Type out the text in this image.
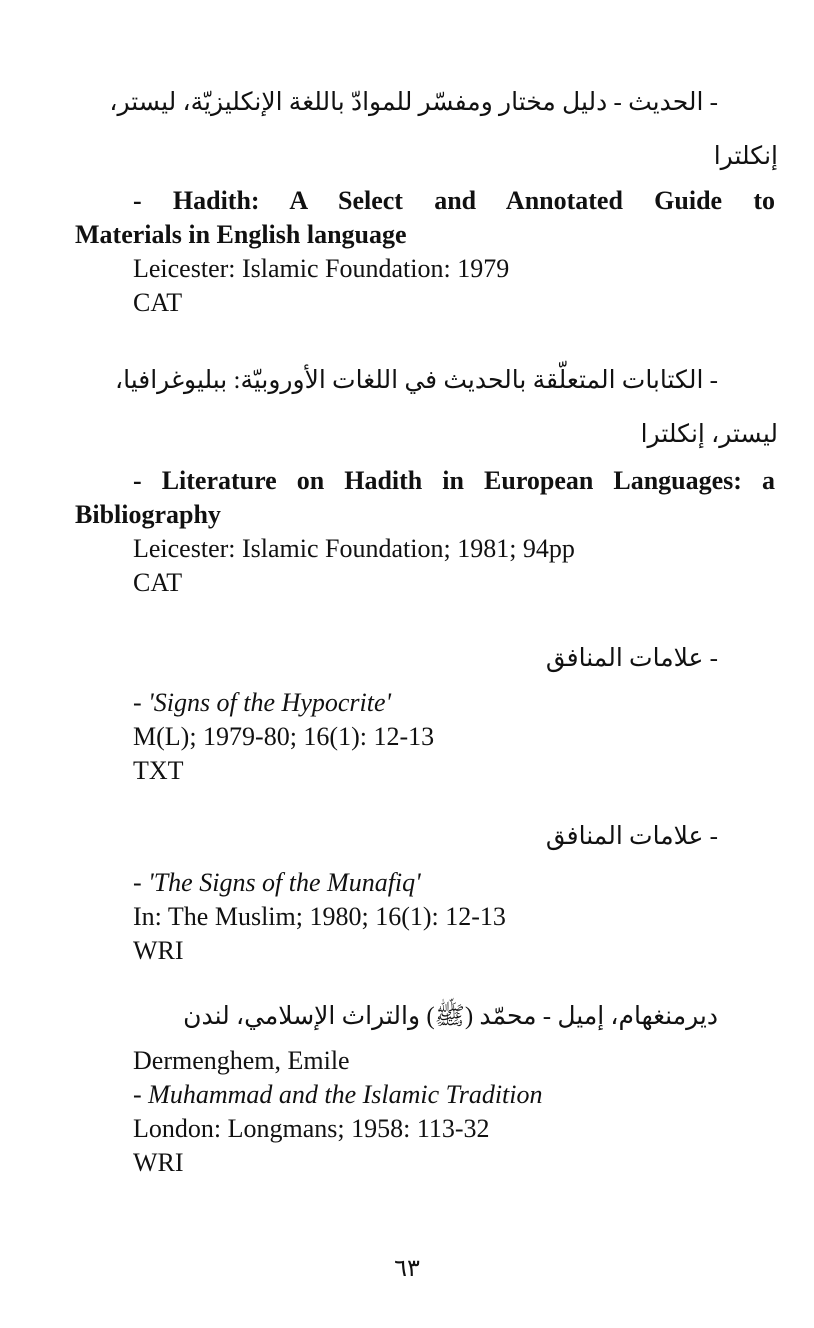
- الحديث - دليل مختار ومفسّر للموادّ باللغة الإنكليزيّة، ليستر،
إنكلترا
- Hadith: A Select and Annotated Guide to
Materials in English language
Leicester: Islamic Foundation: 1979
CAT
- الكتابات المتعلّقة بالحديث في اللغات الأوروبيّة: ببليوغرافيا،
ليستر، إنكلترا
- Literature on Hadith in European Languages: a
Bibliography
Leicester: Islamic Foundation; 1981; 94pp
CAT
- علامات المنافق
- 'Signs of the Hypocrite'
M(L); 1979-80; 16(1): 12-13
TXT
- علامات المنافق
- 'The Signs of the Munafiq'
In: The Muslim; 1980; 16(1): 12-13
WRI
ديرمنغهام، إميل - محمّد (ﷺ) والتراث الإسلامي، لندن
Dermenghem, Emile
- Muhammad and the Islamic Tradition
London: Longmans; 1958: 113-32
WRI
٦٣
